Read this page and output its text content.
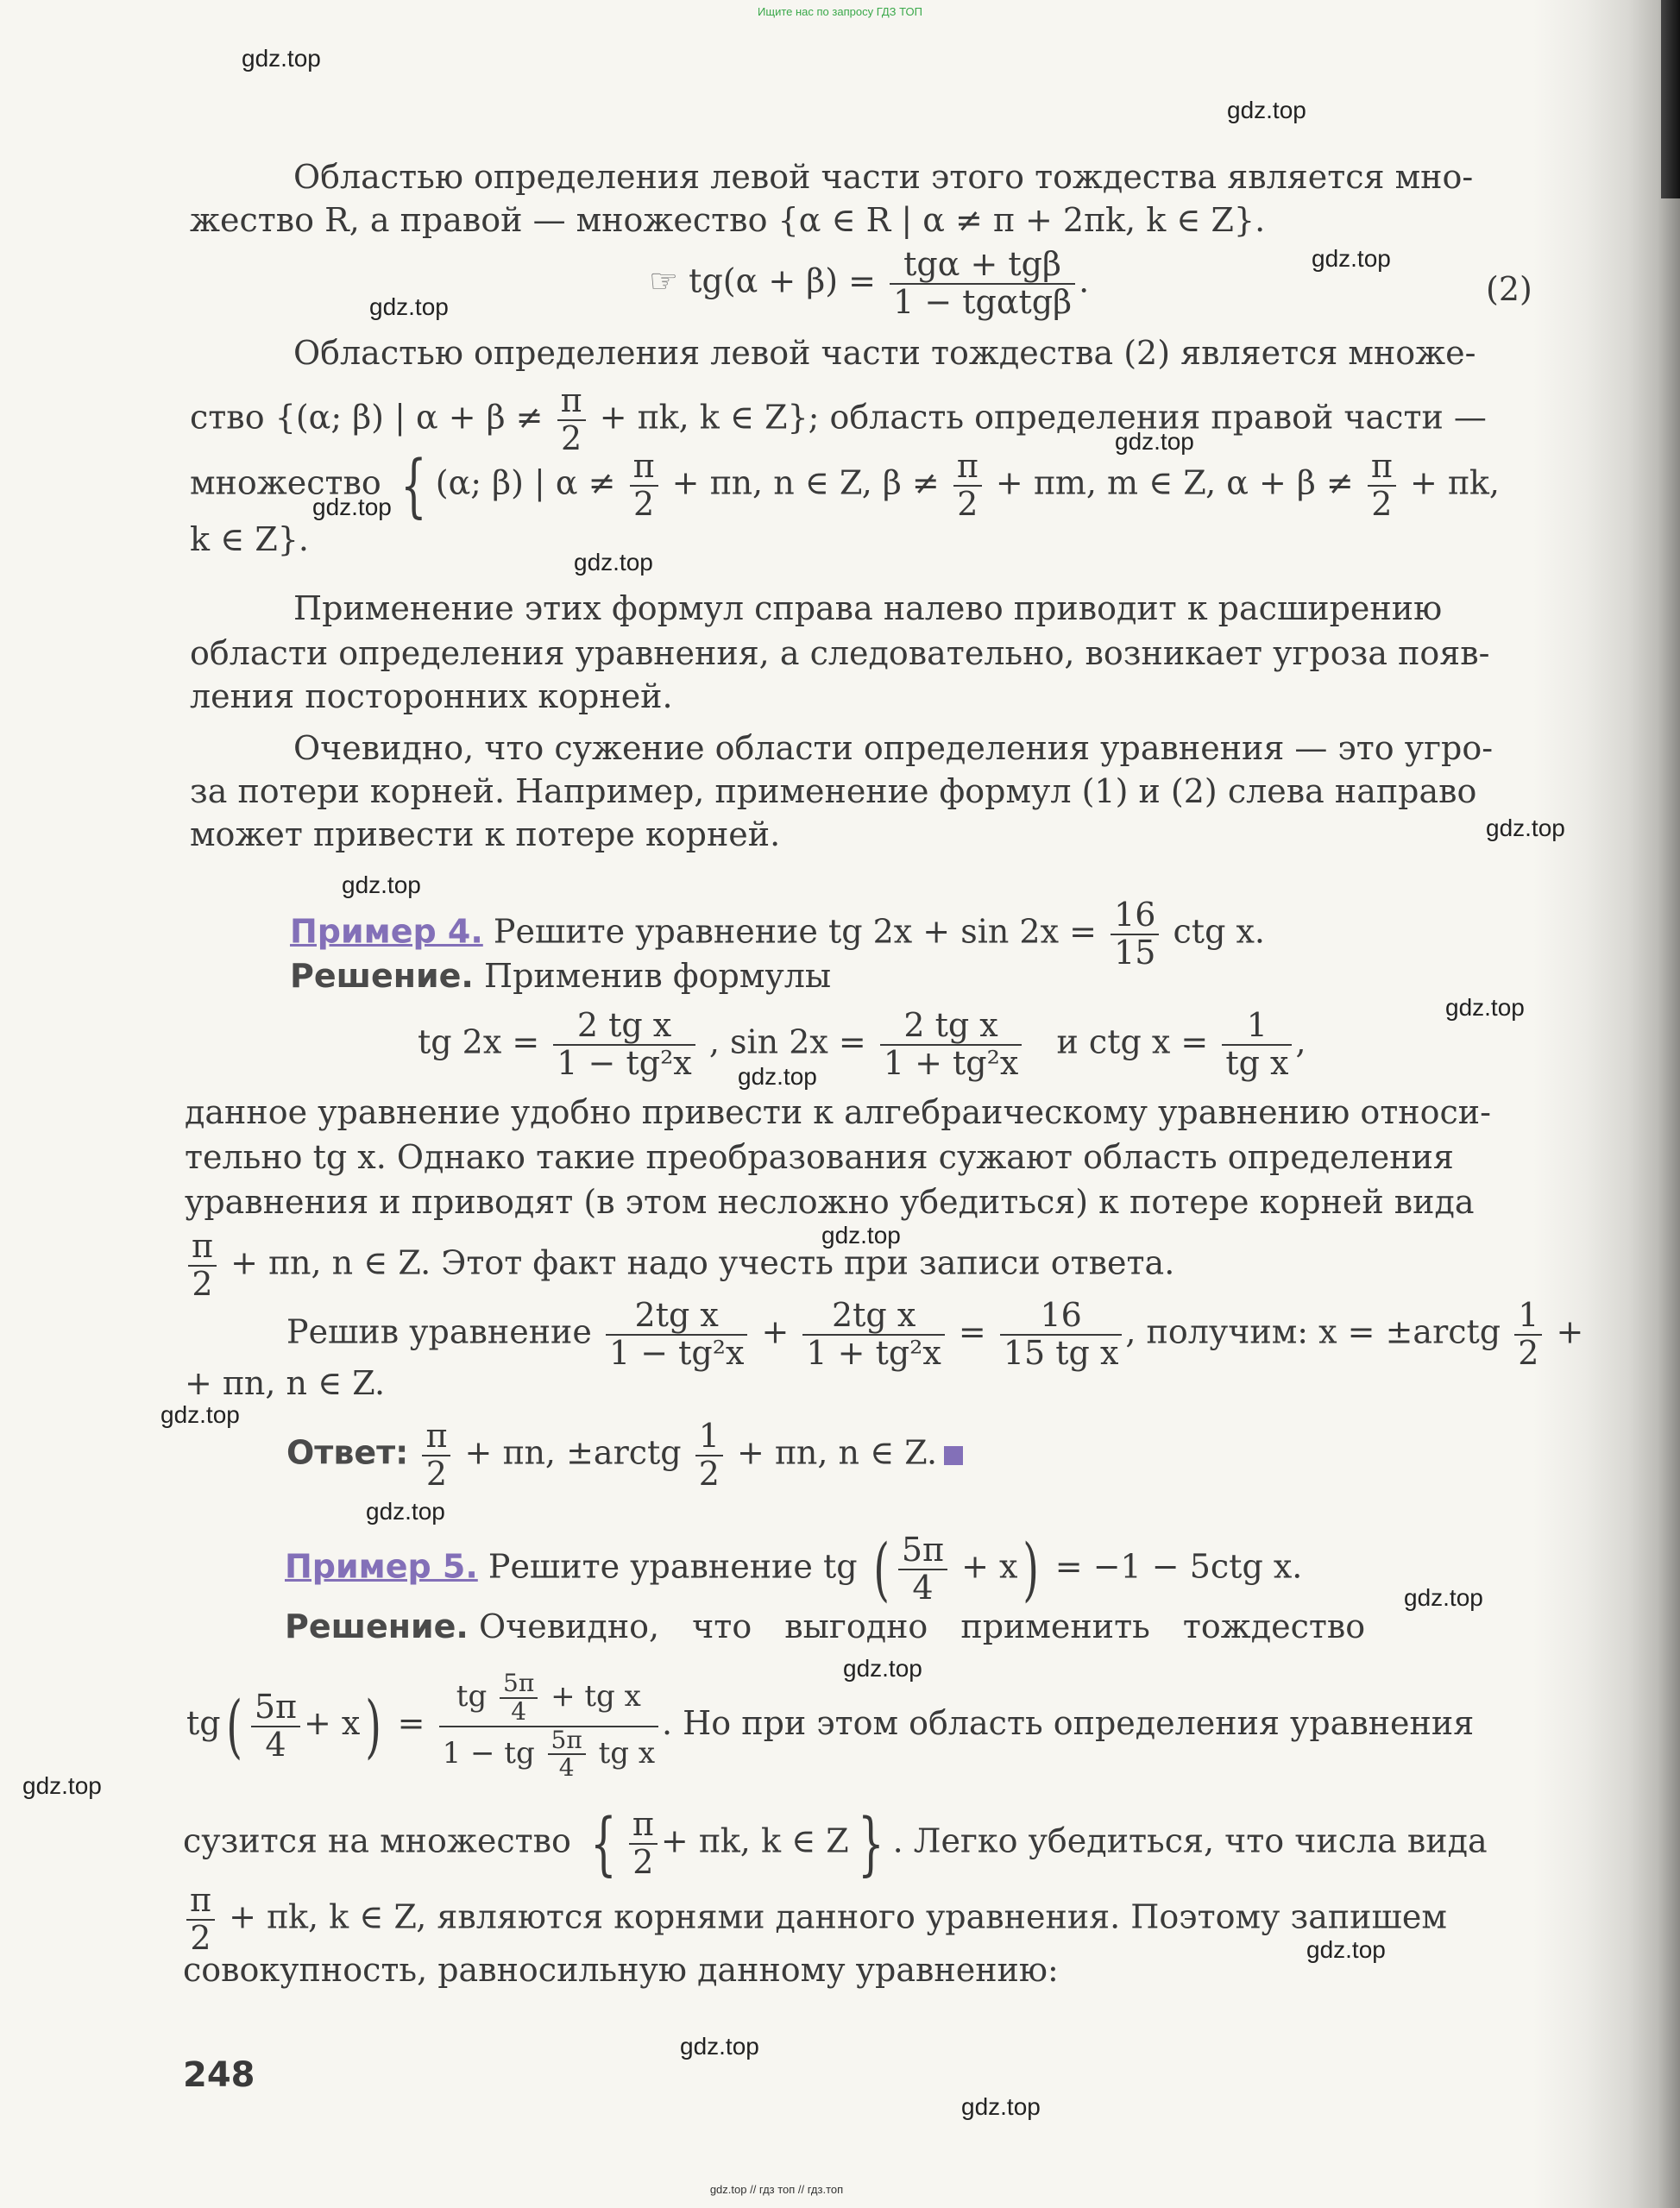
Ищите нас по запросу ГДЗ ТОП
gdz.top
gdz.top
gdz.top
gdz.top
gdz.top
gdz.top
gdz.top
gdz.top
gdz.top
gdz.top
gdz.top
gdz.top
gdz.top
gdz.top
gdz.top
gdz.top
gdz.top
gdz.top
gdz.top
gdz.top
Областью определения левой части этого тождества является мно-
жество R, а правой — множество {α ∈ R | α ≠ π + 2πk, k ∈ Z}.
☞ $tg(\alpha + \beta) = \frac{\text{tgα + tgβ}}{\text{1 − tgαtgβ}}$ .	(2)
Областью определения левой части тождества (2) является множе-
ство {(α; β) | $\alpha + \beta \ne \frac{\pi}{2} + \pi k$, k ∈ Z}; область определения правой части —
множество { (α; β) | $\alpha \ne \frac{\pi}{2} + \pi n$, n ∈ Z, $\beta \ne \frac{\pi}{2} + \pi m$, m ∈ Z, $\alpha + \beta \ne \frac{\pi}{2} + \pi k$,
k ∈ Z}.
Применение этих формул справа налево приводит к расширению
области определения уравнения, а следовательно, возникает угроза появ-
ления посторонних корней.
Очевидно, что сужение области определения уравнения — это угро-
за потери корней. Например, применение формул (1) и (2) слева направо
может привести к потере корней.
Пример 4. Решите уравнение tg $2x + \sin 2x = \frac{16}{15}$ ctg x.
Решение. Применив формулы
tg $2x = \frac{\text{2 tg x}}{\text{1 − tg²x}}$ , $\sin 2x = \frac{\text{2 tg x}}{\text{1 + tg²x}}$ и ctg $x = \frac{1}{\text{tg x}}$ ,
данное уравнение удобно привести к алгебраическому уравнению относи-
тельно tg x. Однако такие преобразования сужают область определения
уравнения и приводят (в этом несложно убедиться) к потере корней вида
$\frac{\pi}{2} + \pi n$, n ∈ Z. Этот факт надо учесть при записи ответа.
Решив уравнение $\frac{\text{2tg x}}{\text{1 − tg²x}} + \frac{\text{2tg x}}{\text{1 + tg²x}} = \frac{16}{\text{15 tg x}}$ , получим: x = ±arctg $\frac{1}{2}$ +
+ πn, n ∈ Z.
Ответ: $\frac{\pi}{2} + \pi n$, ±arctg $\frac{1}{2} + \pi n$, n ∈ Z.
Пример 5. Решите уравнение tg ( $\frac{5\pi}{4} + x) = -1 - 5ctg$ x.
Решение. Очевидно, что выгодно применить тождество
$tg( \frac{5\pi}{4} + x) = \frac{tg \frac{5\pi}{4} + tg x}{1 - tg \frac{5\pi}{4} tg x}$ . Но при этом область определения уравнения
сузится на множество { $\frac{\pi}{2} + \pi k$, k ∈ Z } . Легко убедиться, что числа вида
$\frac{\pi}{2} + \pi k$, k ∈ Z, являются корнями данного уравнения. Поэтому запишем
совокупность, равносильную данному уравнению:
248
gdz.top // гдз топ // гдз.топ
